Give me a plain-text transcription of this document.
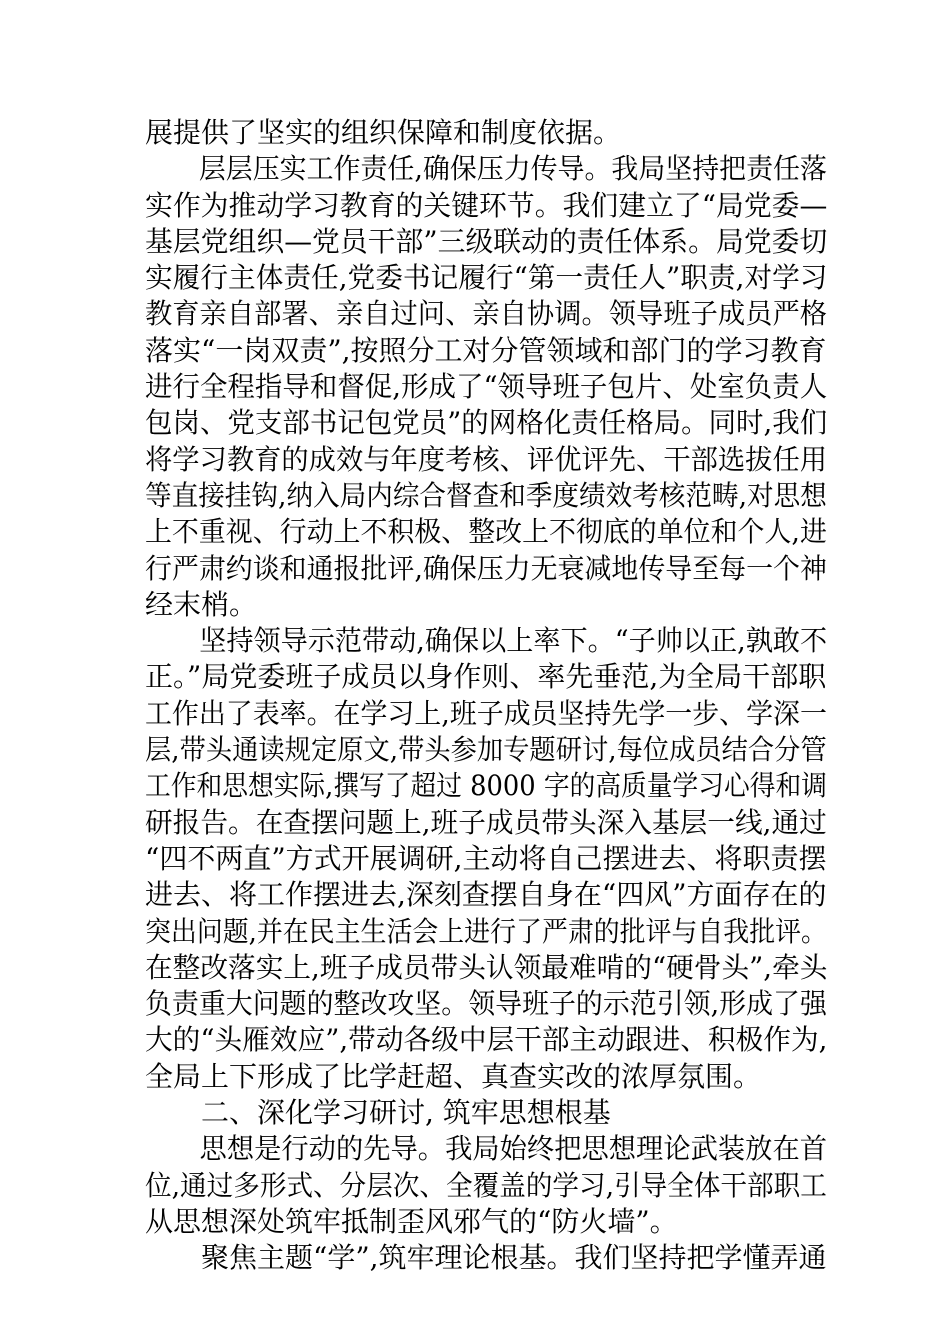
展提供了坚实的组织保障和制度依据。
层层压实工作责任,确保压力传导。我局坚持把责任落
实作为推动学习教育的关键环节。我们建立了“局党委—
基层党组织—党员干部”三级联动的责任体系。局党委切
实履行主体责任,党委书记履行“第一责任人”职责,对学习
教育亲自部署、亲自过问、亲自协调。领导班子成员严格
落实“一岗双责”,按照分工对分管领域和部门的学习教育
进行全程指导和督促,形成了“领导班子包片、处室负责人
包岗、党支部书记包党员”的网格化责任格局。同时,我们
将学习教育的成效与年度考核、评优评先、干部选拔任用
等直接挂钩,纳入局内综合督查和季度绩效考核范畴,对思想
上不重视、行动上不积极、整改上不彻底的单位和个人,进
行严肃约谈和通报批评,确保压力无衰减地传导至每一个神
经末梢。
坚持领导示范带动,确保以上率下。“子帅以正,孰敢不
正。”局党委班子成员以身作则、率先垂范,为全局干部职
工作出了表率。在学习上,班子成员坚持先学一步、学深一
层,带头通读规定原文,带头参加专题研讨,每位成员结合分管
工作和思想实际,撰写了超过 8000 字的高质量学习心得和调
研报告。在查摆问题上,班子成员带头深入基层一线,通过
“四不两直”方式开展调研,主动将自己摆进去、将职责摆
进去、将工作摆进去,深刻查摆自身在“四风”方面存在的
突出问题,并在民主生活会上进行了严肃的批评与自我批评。
在整改落实上,班子成员带头认领最难啃的“硬骨头”,牵头
负责重大问题的整改攻坚。领导班子的示范引领,形成了强
大的“头雁效应”,带动各级中层干部主动跟进、积极作为,
全局上下形成了比学赶超、真查实改的浓厚氛围。
二、深化学习研讨, 筑牢思想根基
思想是行动的先导。我局始终把思想理论武装放在首
位,通过多形式、分层次、全覆盖的学习,引导全体干部职工
从思想深处筑牢抵制歪风邪气的“防火墙”。
聚焦主题“学”,筑牢理论根基。我们坚持把学懂弄通
